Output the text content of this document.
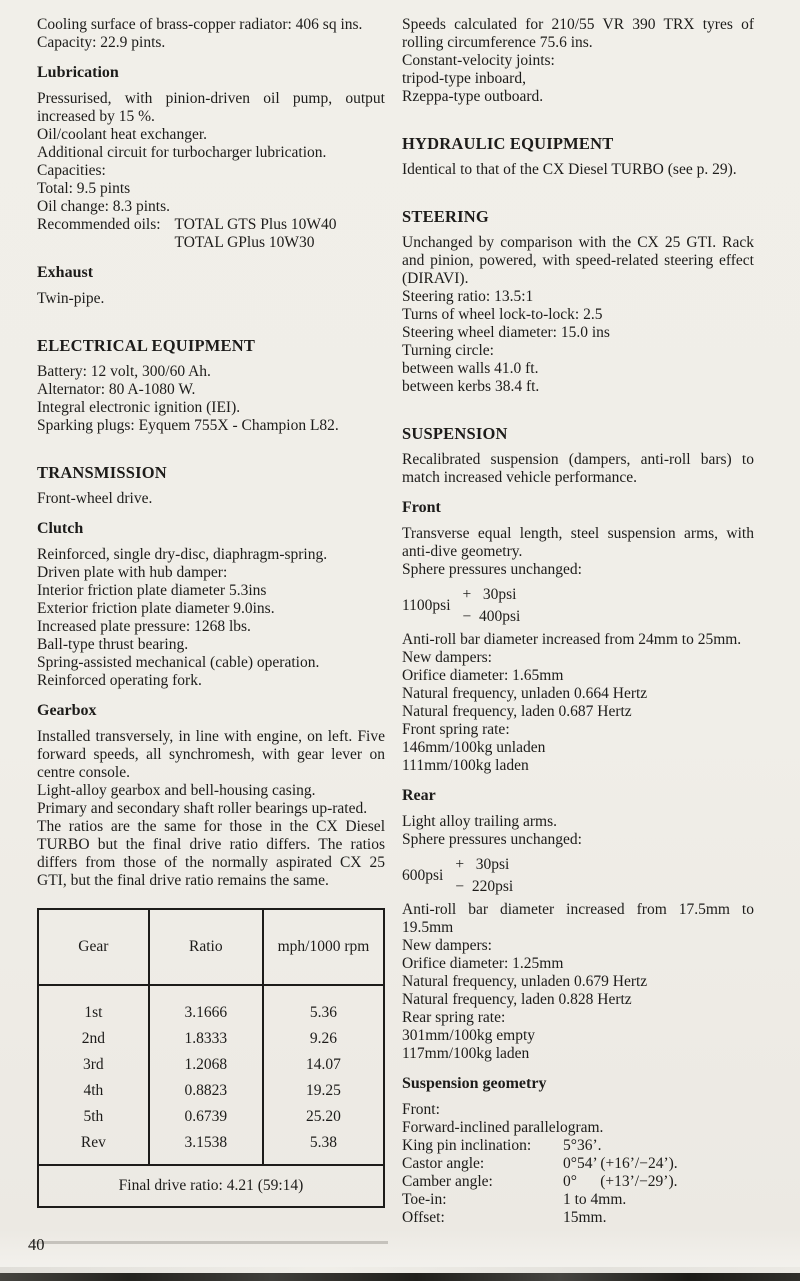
Cooling surface of brass-copper radiator: 406 sq ins.

Capacity: 22.9 pints.
Lubrication

Pressurised, with pinion-driven oil pump, output increased by 15 %.

Oil/coolant heat exchanger.
Additional circuit for turbocharger lubrication.
Capacities:
Total: 9.5 pints
Oil change: 8.3 pints.
Recommended oils: TOTAL GTS Plus 10W40
TOTAL GPlus 10W30
Exhaust
Twin-pipe.
ELECTRICAL EQUIPMENT
Battery: 12 volt, 300/60 Ah.
Alternator: 80 A-1080 W.
Integral electronic ignition (IEI).
Sparking plugs: Eyquem 755X - Champion L82.
TRANSMISSION
Front-wheel drive.
Clutch
Reinforced, single dry-disc, diaphragm-spring.
Driven plate with hub damper:
Interior friction plate diameter 5.3ins
Exterior friction plate diameter 9.0ins.
Increased plate pressure: 1268 lbs.
Ball-type thrust bearing.
Spring-assisted mechanical (cable) operation.
Reinforced operating fork.
Gearbox

Installed transversely, in line with engine, on left. Five forward speeds, all synchromesh, with gear lever on centre console.

Light-alloy gearbox and bell-housing casing.

Primary and secondary shaft roller bearings up-rated.

The ratios are the same for those in the CX Diesel TURBO but the final drive ratio differs. The ratios differs from those of the normally aspirated CX 25 GTI, but the final drive ratio remains the same.

Gear	Ratio	mph/1000 rpm
1st	3.1666	5.36
2nd	1.8333	9.26
3rd	1.2068	14.07
4th	0.8823	19.25
5th	0.6739	25.20
Rev	3.1538	5.38
Final drive ratio: 4.21 (59:14)		

Speeds calculated for 210/55 VR 390 TRX tyres of rolling circumference 75.6 ins.

Constant-velocity joints:
tripod-type inboard,
Rzeppa-type outboard.
HYDRAULIC EQUIPMENT

Identical to that of the CX Diesel TURBO (see p. 29).

STEERING

Unchanged by comparison with the CX 25 GTI. Rack and pinion, powered, with speed-related steering effect (DIRAVI).

Steering ratio: 13.5:1
Turns of wheel lock-to-lock: 2.5
Steering wheel diameter: 15.0 ins
Turning circle:
between walls 41.0 ft.
between kerbs 38.4 ft.
SUSPENSION

Recalibrated suspension (dampers, anti-roll bars) to match increased vehicle performance.

Front

Transverse equal length, steel suspension arms, with anti-dive geometry.

Sphere pressures unchanged:
1100psi
+   30psi
−  400psi

Anti-roll bar diameter increased from 24mm to 25mm.

New dampers:
Orifice diameter: 1.65mm
Natural frequency, unladen 0.664 Hertz
Natural frequency, laden 0.687 Hertz
Front spring rate:
146mm/100kg unladen
111mm/100kg laden
Rear
Light alloy trailing arms.
Sphere pressures unchanged:
600psi
+   30psi
−  220psi

Anti-roll bar diameter increased from 17.5mm to 19.5mm

New dampers:
Orifice diameter: 1.25mm
Natural frequency, unladen 0.679 Hertz
Natural frequency, laden 0.828 Hertz
Rear spring rate:
301mm/100kg empty
117mm/100kg laden
Suspension geometry
Front:
Forward-inclined parallelogram.
King pin inclination:	5°36’.
Castor angle:	0°54’ (+16’/−24’).
Camber angle:	0°      (+13’/−29’).
Toe-in:	1 to 4mm.
Offset:	15mm.
40
